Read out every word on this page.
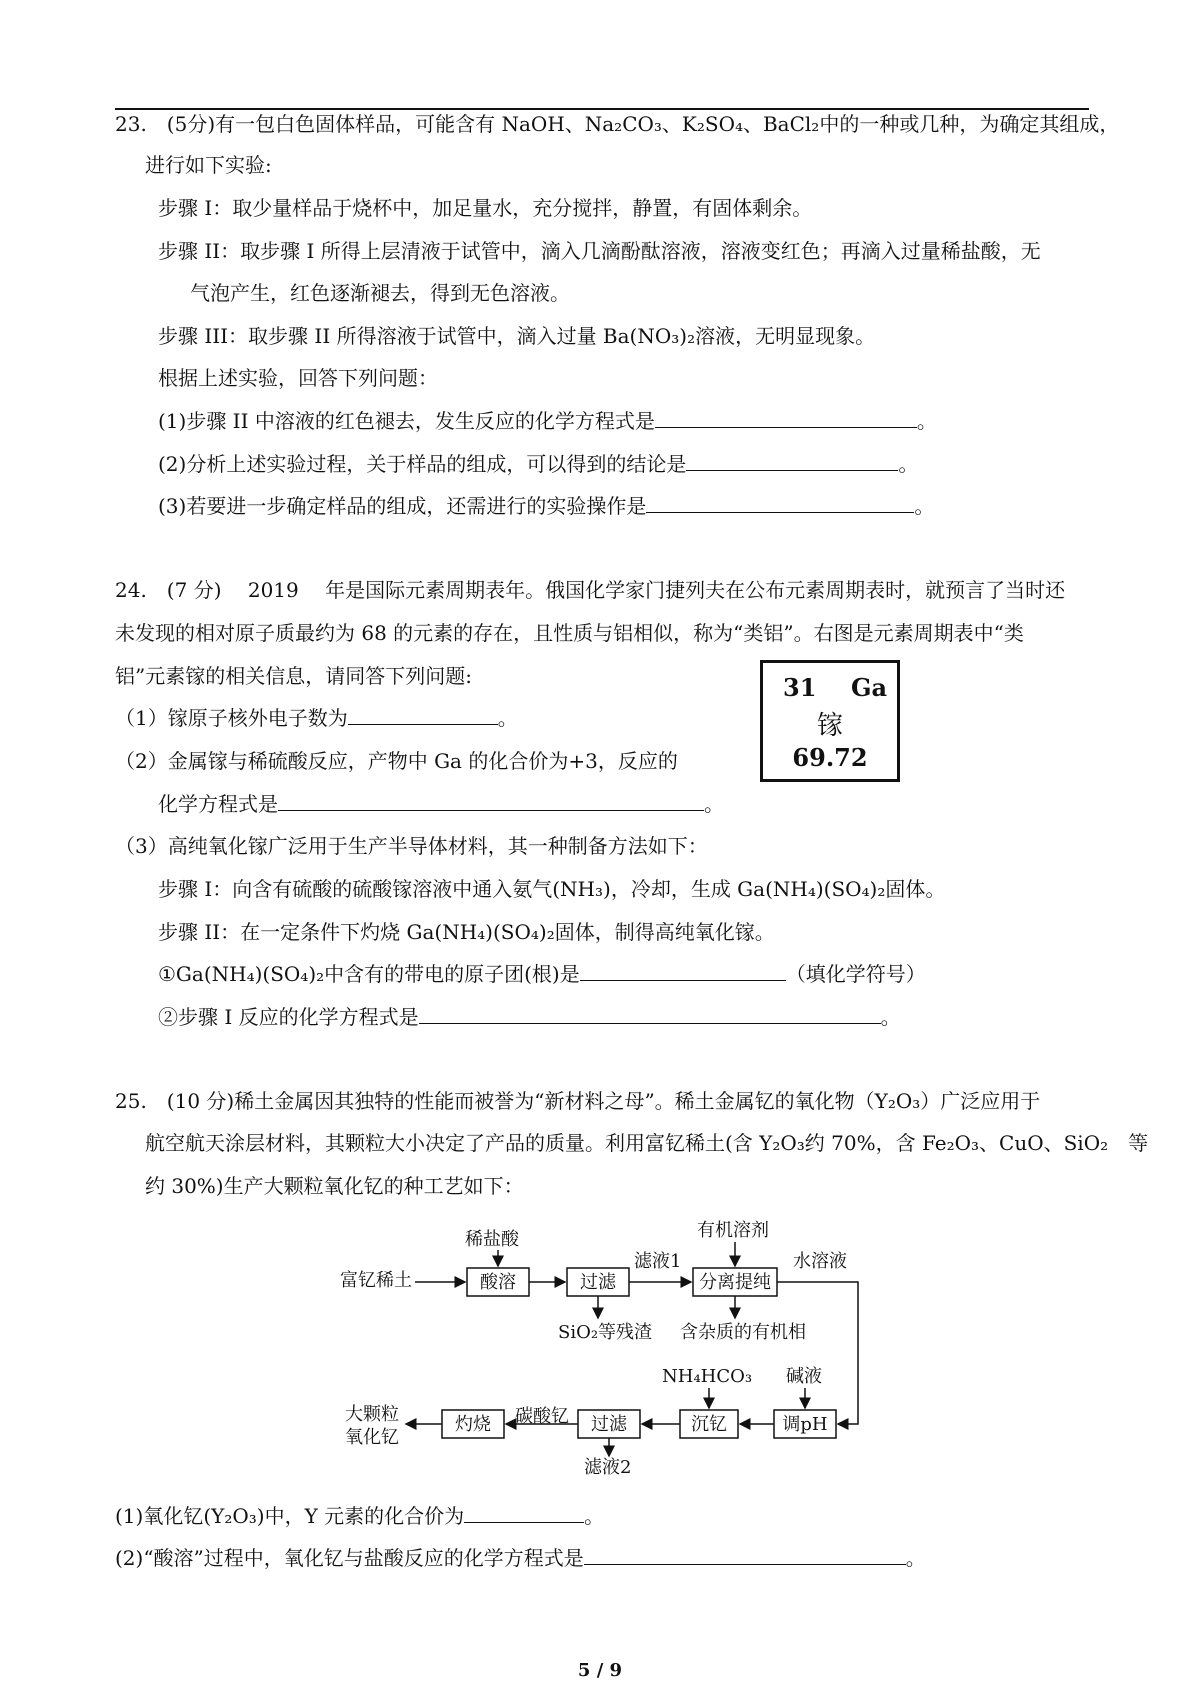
23.　(5分)有一包白色固体样品，可能含有 NaOH、Na₂CO₃、K₂SO₄、BaCl₂中的一种或几种，为确定其组成，
进行如下实验:
步骤 I：取少量样品于烧杯中，加足量水，充分搅拌，静置，有固体剩余。
步骤 II：取步骤 I 所得上层清液于试管中，滴入几滴酚酞溶液，溶液变红色；再滴入过量稀盐酸，无
气泡产生，红色逐渐褪去，得到无色溶液。
步骤 III：取步骤 II 所得溶液于试管中，滴入过量 Ba(NO₃)₂溶液，无明显现象。
根据上述实验，回答下列问题：
(1)步骤 II 中溶液的红色褪去，发生反应的化学方程式是	。
(2)分析上述实验过程，关于样品的组成，可以得到的结论是	。
(3)若要进一步确定样品的组成，还需进行的实验操作是	。
24.　(7 分)　 2019　 年是国际元素周期表年。俄国化学家门捷列夫在公布元素周期表时，就预言了当时还
未发现的相对原子质最约为 68 的元素的存在，且性质与铝相似，称为“类铝”。右图是元素周期表中“类
铝”元素镓的相关信息，请同答下列问题:
（1）镓原子核外电子数为	。
（2）金属镓与稀硫酸反应，产物中 Ga 的化合价为+3，反应的
化学方程式是	。
（3）高纯氧化镓广泛用于生产半导体材料，其一种制备方法如下：
步骤 I：向含有硫酸的硫酸镓溶液中通入氨气(NH₃)，冷却，生成 Ga(NH₄)(SO₄)₂固体。
步骤 II：在一定条件下灼烧 Ga(NH₄)(SO₄)₂固体，制得高纯氧化镓。
①Ga(NH₄)(SO₄)₂中含有的带电的原子团(根)是	（填化学符号）
②步骤 I 反应的化学方程式是	。
31 Ga
镓
69.72
25.　(10 分)稀土金属因其独特的性能而被誉为“新材料之母”。稀土金属钇的氧化物（Y₂O₃）广泛应用于
航空航天涂层材料，其颗粒大小决定了产品的质量。利用富钇稀土(含 Y₂O₃约 70%，含 Fe₂O₃、CuO、SiO₂　等
约 30%)生产大颗粒氧化钇的种工艺如下：
富钇稀土
稀盐酸
滤液1
有机溶剂
水溶液
SiO₂等残渣 含杂质的有机相
NH₄HCO₃ 碱液
碳酸钇
大颗粒
氧化钇
滤液2
酸溶	过滤	分离提纯
灼烧	过滤	沉钇	调pH
(1)氧化钇(Y₂O₃)中，Y 元素的化合价为	。
(2)“酸溶”过程中，氧化钇与盐酸反应的化学方程式是	。
5 / 9
